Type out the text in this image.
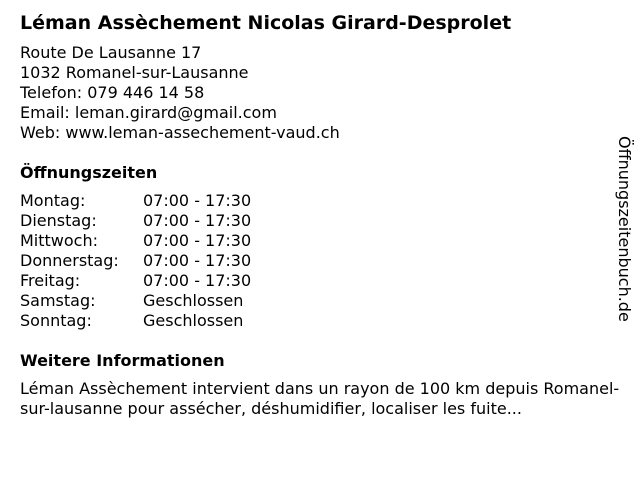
Léman Assèchement Nicolas Girard-Desprolet
Route De Lausanne 17
1032 Romanel-sur-Lausanne
Telefon: 079 446 14 58
Email: leman.girard@gmail.com
Web: www.leman-assechement-vaud.ch
Öffnungszeiten
Montag:	07:00 - 17:30
Dienstag:	07:00 - 17:30
Mittwoch:	07:00 - 17:30
Donnerstag:	07:00 - 17:30
Freitag:	07:00 - 17:30
Samstag:	Geschlossen
Sonntag:	Geschlossen
Weitere Informationen
Léman Assèchement intervient dans un rayon de 100 km depuis Romanel-sur-lausanne pour assécher, déshumidifier, localiser les fuite...
Öffnungszeitenbuch.de
